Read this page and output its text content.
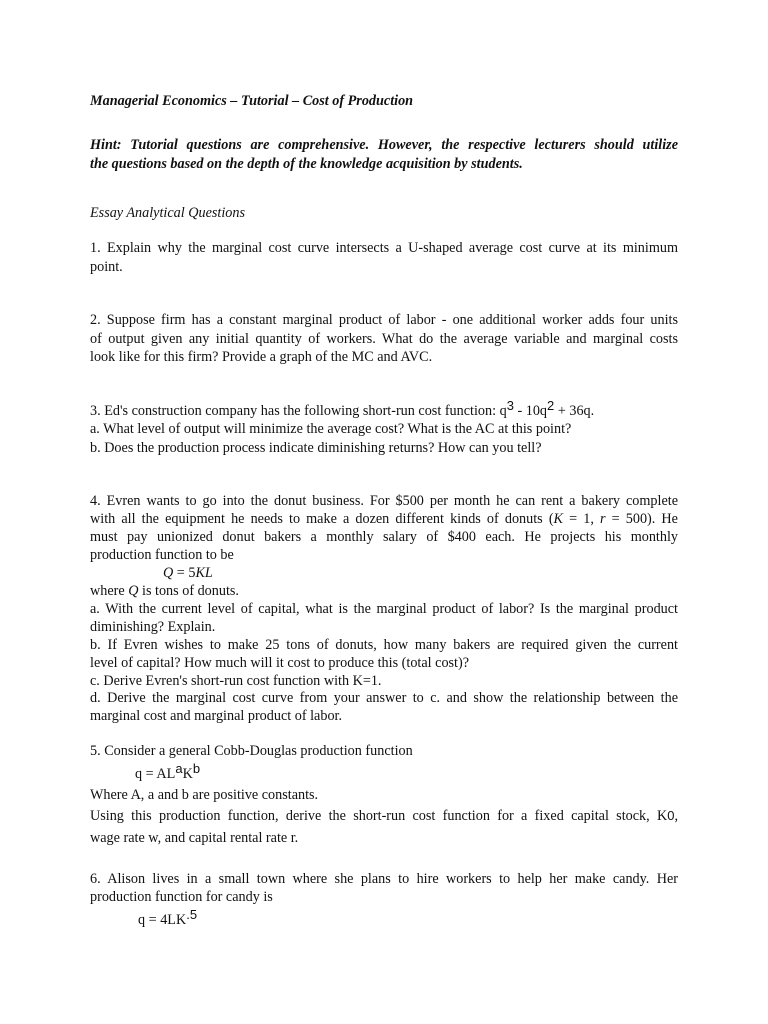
Managerial Economics – Tutorial – Cost of Production

Hint: Tutorial questions are comprehensive. However, the respective lecturers should utilize

the questions based on the depth of the knowledge acquisition by students.

Essay Analytical Questions

1. Explain why the marginal cost curve intersects a U-shaped average cost curve at its minimum

point.

2. Suppose firm has a constant marginal product of labor - one additional worker adds four units

of output given any initial quantity of workers. What do the average variable and marginal costs

look like for this firm? Provide a graph of the MC and AVC.

3. Ed's construction company has the following short-run cost function: $q^3 - 10q^2 + 36q$.

a. What level of output will minimize the average cost? What is the AC at this point?

b. Does the production process indicate diminishing returns? How can you tell?

4. Evren wants to go into the donut business. For $500 per month he can rent a bakery complete

with all the equipment he needs to make a dozen different kinds of donuts (K = 1, r = 500). He

must pay unionized donut bakers a monthly salary of $400 each. He projects his monthly

production function to be

Q = 5KL

where Q is tons of donuts.

a. With the current level of capital, what is the marginal product of labor? Is the marginal product

diminishing? Explain.

b. If Evren wishes to make 25 tons of donuts, how many bakers are required given the current

level of capital? How much will it cost to produce this (total cost)?

c. Derive Evren's short-run cost function with K=1.

d. Derive the marginal cost curve from your answer to c. and show the relationship between the

marginal cost and marginal product of labor.

5. Consider a general Cobb-Douglas production function

$q = AL^aK^b$

Where A, a and b are positive constants.

Using this production function, derive the short-run cost function for a fixed capital stock, K0,

wage rate w, and capital rental rate r.

6. Alison lives in a small town where she plans to hire workers to help her make candy. Her

production function for candy is

$q = 4LK^{.5}$
